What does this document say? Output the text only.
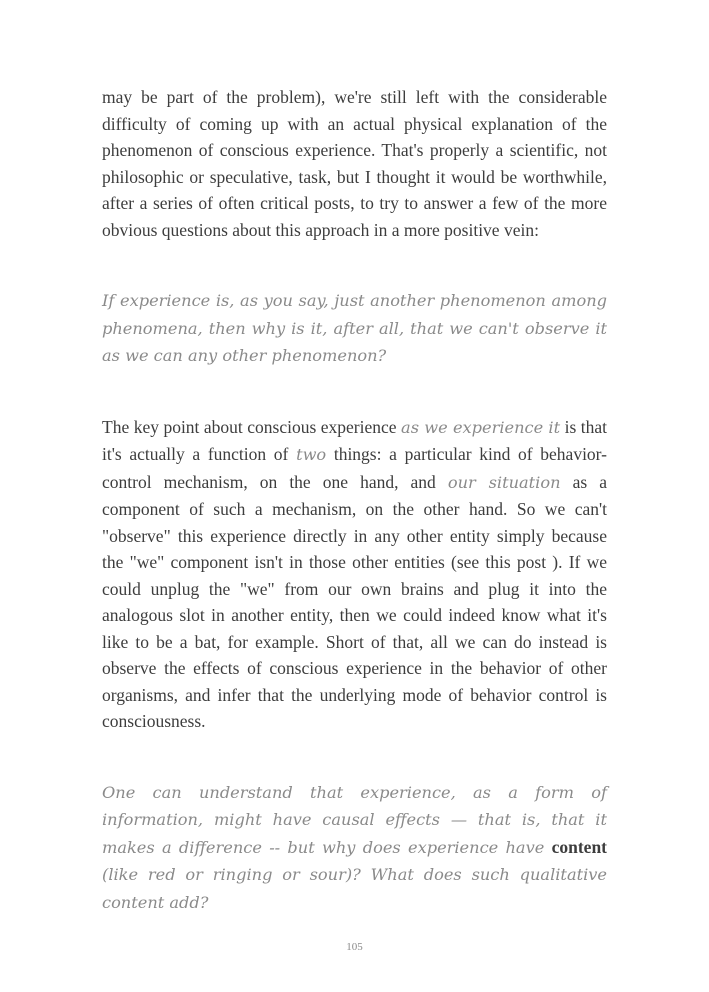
may be part of the problem), we're still left with the considerable difficulty of coming up with an actual physical explanation of the phenomenon of conscious experience. That's properly a scientific, not philosophic or speculative, task, but I thought it would be worthwhile, after a series of often critical posts, to try to answer a few of the more obvious questions about this approach in a more positive vein:

If experience is, as you say, just another phenomenon among phenomena, then why is it, after all, that we can't observe it as we can any other phenomenon?

The key point about conscious experience as we experience it is that it's actually a function of two things: a particular kind of behavior-control mechanism, on the one hand, and our situation as a component of such a mechanism, on the other hand. So we can't "observe" this experience directly in any other entity simply because the "we" component isn't in those other entities (see this post ). If we could unplug the "we" from our own brains and plug it into the analogous slot in another entity, then we could indeed know what it's like to be a bat, for example. Short of that, all we can do instead is observe the effects of conscious experience in the behavior of other organisms, and infer that the underlying mode of behavior control is consciousness.

One can understand that experience, as a form of information, might have causal effects — that is, that it makes a difference -- but why does experience have content (like red or ringing or sour)? What does such qualitative content add?

105
